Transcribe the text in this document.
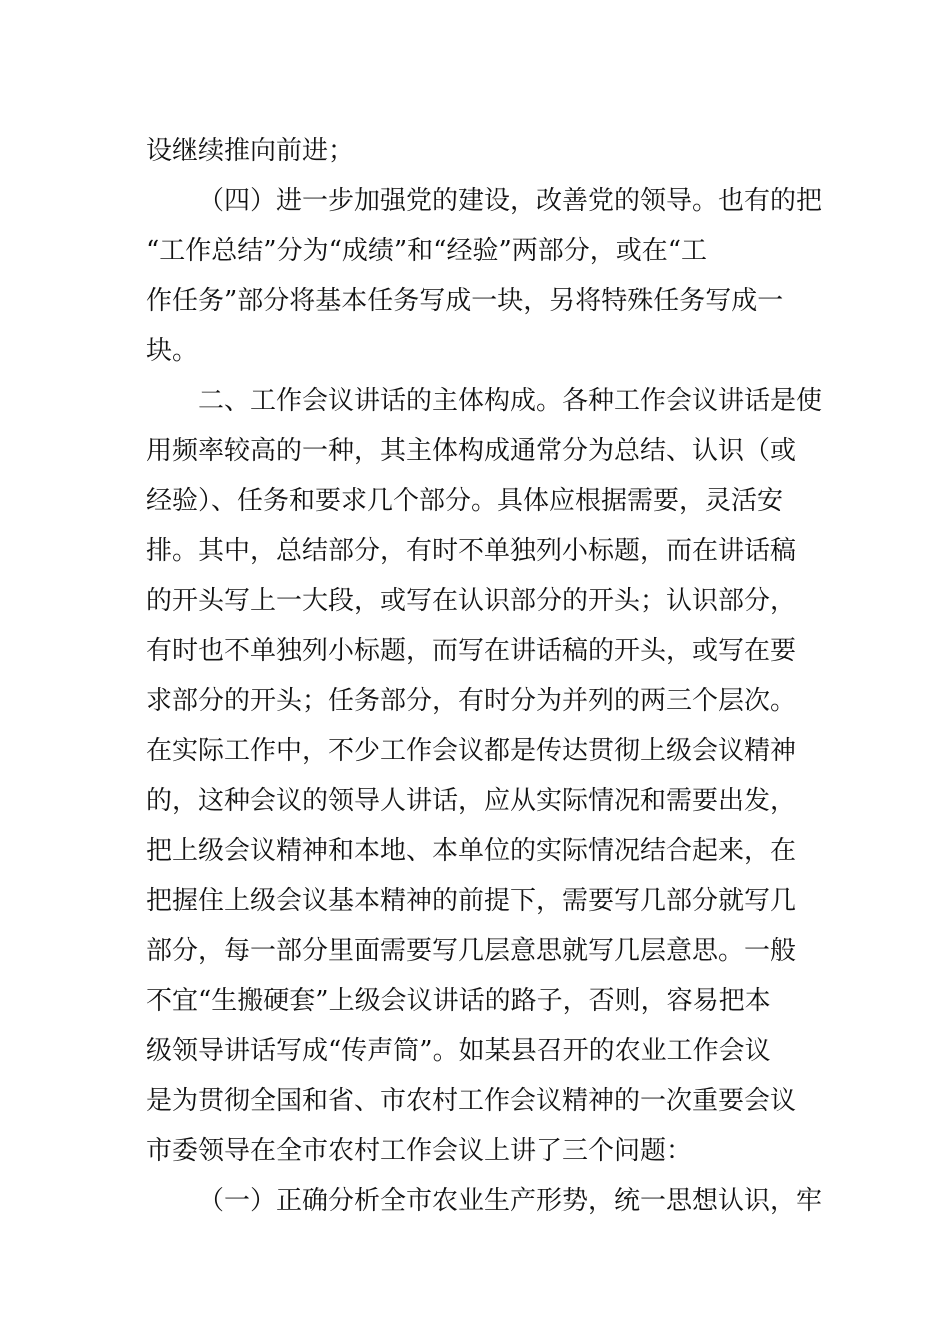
设继续推向前进；
（四）进一步加强党的建设，改善党的领导。也有的把
“工作总结”分为“成绩”和“经验”两部分，或在“工
作任务”部分将基本任务写成一块，另将特殊任务写成一
块。
二、工作会议讲话的主体构成。各种工作会议讲话是使
用频率较高的一种，其主体构成通常分为总结、认识（或
经验）、任务和要求几个部分。具体应根据需要，灵活安
排。其中，总结部分，有时不单独列小标题，而在讲话稿
的开头写上一大段，或写在认识部分的开头；认识部分，
有时也不单独列小标题，而写在讲话稿的开头，或写在要
求部分的开头；任务部分，有时分为并列的两三个层次。
在实际工作中，不少工作会议都是传达贯彻上级会议精神
的，这种会议的领导人讲话，应从实际情况和需要出发，
把上级会议精神和本地、本单位的实际情况结合起来，在
把握住上级会议基本精神的前提下，需要写几部分就写几
部分，每一部分里面需要写几层意思就写几层意思。一般
不宜“生搬硬套”上级会议讲话的路子，否则，容易把本
级领导讲话写成“传声筒”。如某县召开的农业工作会议
是为贯彻全国和省、市农村工作会议精神的一次重要会议
市委领导在全市农村工作会议上讲了三个问题：
（一）正确分析全市农业生产形势，统一思想认识，牢
